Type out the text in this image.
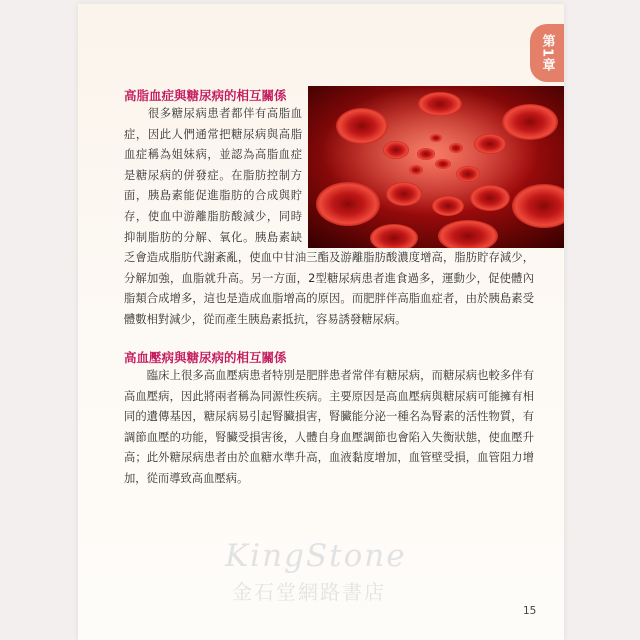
第1章
高脂血症與糖尿病的相互關係
　　很多糖尿病患者都伴有高脂血症，因此人們通常把糖尿病與高脂血症稱為姐妹病，並認為高脂血症是糖尿病的併發症。在脂肪控制方面，胰島素能促進脂肪的合成與貯存，使血中游離脂肪酸減少，同時抑制脂肪的分解、氧化。胰島素缺乏會造成脂肪代謝紊亂，使血中甘油三酯及游離脂肪酸濃度增高，脂肪貯存減少，分解加強，血脂就升高。另一方面，2型糖尿病患者進食過多，運動少，促使體內脂類合成增多，這也是造成血脂增高的原因。而肥胖伴高脂血症者，由於胰島素受體數相對減少，從而產生胰島素抵抗，容易誘發糖尿病。
高血壓病與糖尿病的相互關係
　　臨床上很多高血壓病患者特別是肥胖患者常伴有糖尿病，而糖尿病也較多伴有高血壓病，因此將兩者稱為同源性疾病。主要原因是高血壓病與糖尿病可能擁有相同的遺傳基因，糖尿病易引起腎臟損害，腎臟能分泌一種名為腎素的活性物質，有調節血壓的功能，腎臟受損害後，人體自身血壓調節也會陷入失衡狀態，使血壓升高；此外糖尿病患者由於血糖水準升高，血液黏度增加，血管壁受損，血管阻力增加，從而導致高血壓病。
KingStone
金石堂網路書店
15
